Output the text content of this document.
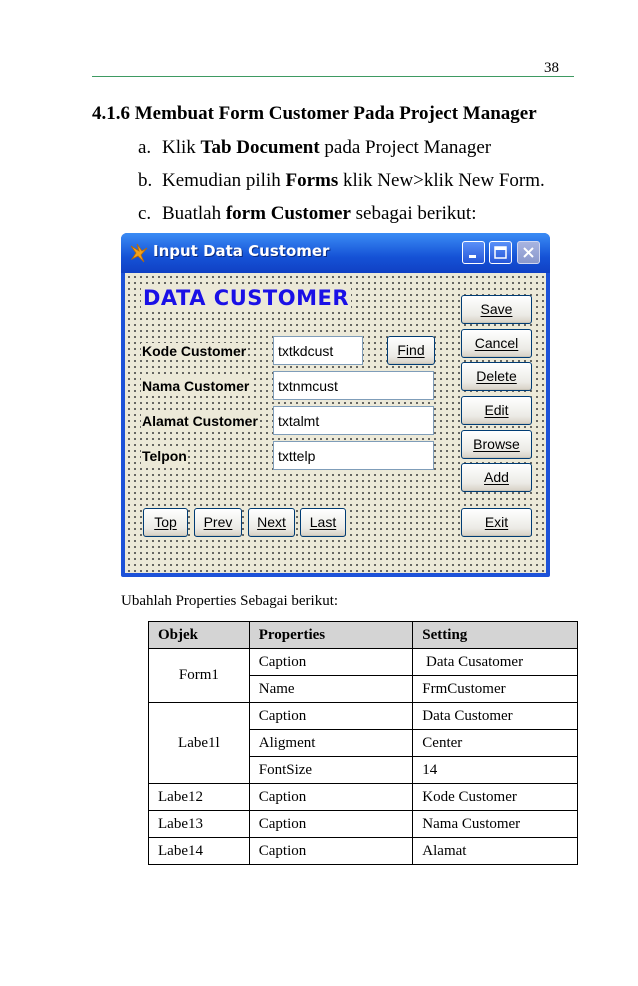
38
4.1.6 Membuat Form Customer Pada Project Manager
a. Klik Tab Document pada Project Manager
b. Kemudian pilih Forms klik New>klik New Form.
c. Buatlah form Customer sebagai berikut:
Input Data Customer
DATA CUSTOMER
Kode Customer
Nama Customer
Alamat Customer
Telpon
txtkdcust	Find
txtnmcust
txtalmt
txttelp
Save
Cancel
Delete
Edit
Browse
Add
Top	Prev	Next	Last	Exit
Ubahlah Properties Sebagai berikut:
Objek	Properties	Setting
Form1	Caption	Data Cusatomer
	Name	FrmCustomer
Labe1l	Caption	Data Customer
	Aligment	Center
	FontSize	14
Labe12	Caption	Kode Customer
Labe13	Caption	Nama Customer
Labe14	Caption	Alamat
